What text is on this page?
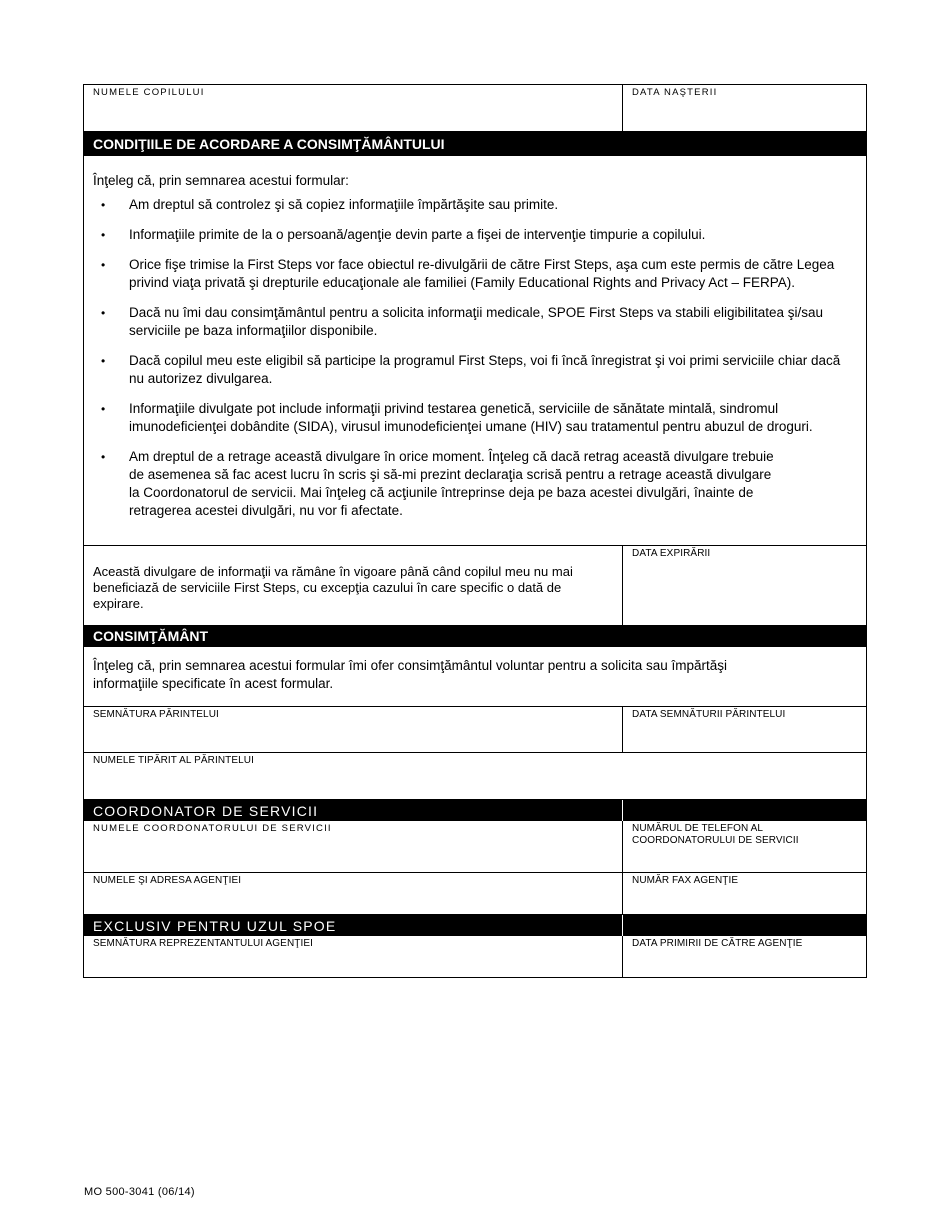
NUMELE COPILULUI	DATA NAŞTERII
CONDIŢIILE DE ACORDARE A CONSIMŢĂMÂNTULUI
Înţeleg că, prin semnarea acestui formular:
• Am dreptul să controlez şi să copiez informaţiile împărtăşite sau primite.
• Informaţiile primite de la o persoană/agenţie devin parte a fişei de intervenţie timpurie a copilului.
• Orice fişe trimise la First Steps vor face obiectul re-divulgării de către First Steps, aşa cum este permis de către Legea privind viaţa privată şi drepturile educaţionale ale familiei (Family Educational Rights and Privacy Act – FERPA).
• Dacă nu îmi dau consimţământul pentru a solicita informaţii medicale, SPOE First Steps va stabili eligibilitatea şi/sau serviciile pe baza informaţiilor disponibile.
• Dacă copilul meu este eligibil să participe la programul First Steps, voi fi încă înregistrat şi voi primi serviciile chiar dacă nu autorizez divulgarea.
• Informaţiile divulgate pot include informaţii privind testarea genetică, serviciile de sănătate mintală, sindromul imunodeficienţei dobândite (SIDA), virusul imunodeficienţei umane (HIV) sau tratamentul pentru abuzul de droguri.
• Am dreptul de a retrage această divulgare în orice moment. Înţeleg că dacă retrag această divulgare trebuie de asemenea să fac acest lucru în scris şi să-mi prezint declaraţia scrisă pentru a retrage această divulgare la Coordonatorul de servicii. Mai înţeleg că acţiunile întreprinse deja pe baza acestei divulgări, înainte de retragerea acestei divulgări, nu vor fi afectate.
Această divulgare de informaţii va rămâne în vigoare până când copilul meu nu mai beneficiază de serviciile First Steps, cu excepţia cazului în care specific o dată de expirare.
DATA EXPIRĂRII
CONSIMŢĂMÂNT
Înţeleg că, prin semnarea acestui formular îmi ofer consimţământul voluntar pentru a solicita sau împărtăşi informaţiile specificate în acest formular.
SEMNĂTURA PĂRINTELUI	DATA SEMNĂTURII PĂRINTELUI
NUMELE TIPĂRIT AL PĂRINTELUI
COORDONATOR DE SERVICII
NUMELE COORDONATORULUI DE SERVICII	NUMĂRUL DE TELEFON AL COORDONATORULUI DE SERVICII
NUMELE ŞI ADRESA AGENŢIEI	NUMĂR FAX AGENŢIE
EXCLUSIV PENTRU UZUL SPOE
SEMNĂTURA REPREZENTANTULUI AGENŢIEI	DATA PRIMIRII DE CĂTRE AGENŢIE
MO 500-3041 (06/14)
